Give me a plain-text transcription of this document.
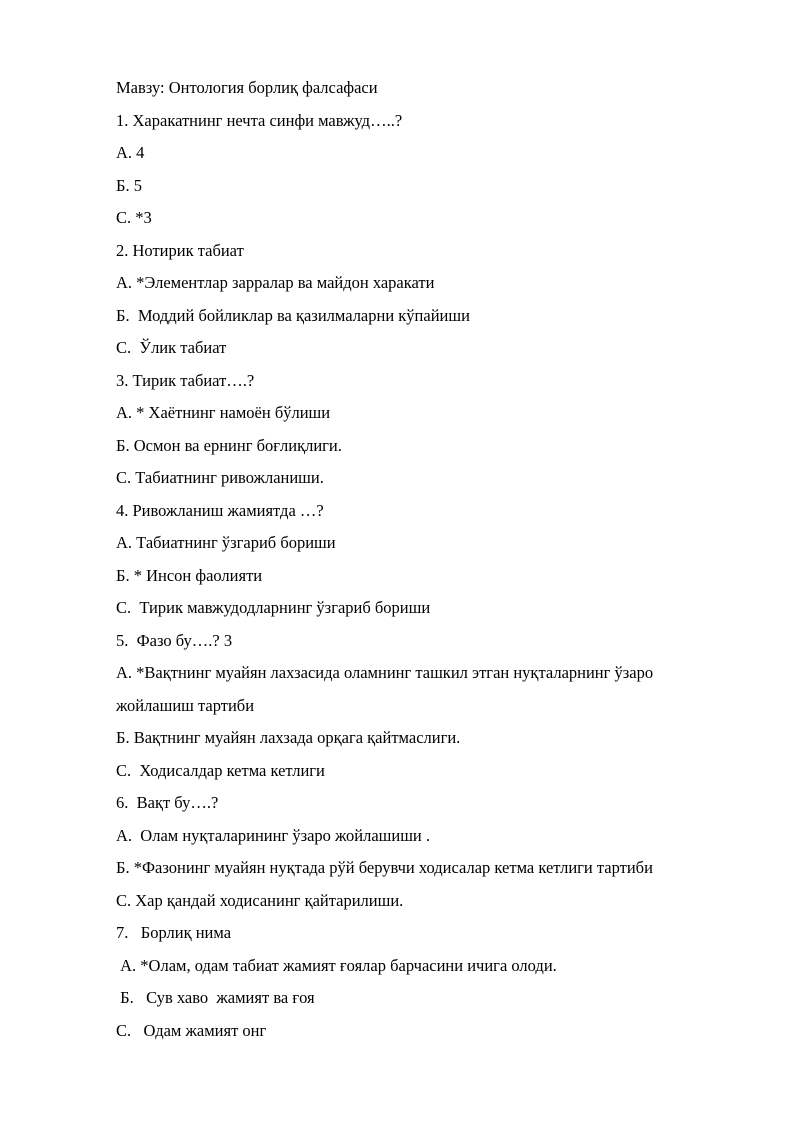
Мавзу: Онтология борлиқ фалсафаси

1. Харакатнинг нечта синфи мавжуд…..?

А. 4

Б. 5

С. *3

2. Нотирик табиат

А. *Элементлар зарралар ва майдон харакати

Б.  Моддий бойликлар ва қазилмаларни кўпайиши

С.  Ўлик табиат

3. Тирик табиат….?

А. * Хаётнинг намоён бўлиши

Б. Осмон ва ернинг боғлиқлиги.

С. Табиатнинг ривожланиши.

4. Ривожланиш жамиятда …?

А. Табиатнинг ўзгариб бориши

Б. * Инсон фаолияти

С.  Тирик мавжудодларнинг ўзгариб бориши

5.  Фазо бу….? 3

А. *Вақтнинг муайян лахзасида оламнинг ташкил этган нуқталарнинг ўзаро

жойлашиш тартиби

Б. Вақтнинг муайян лахзада орқага қайтмаслиги.

С.  Ходисалдар кетма кетлиги

6.  Вақт бу….?

А.  Олам нуқталарининг ўзаро жойлашиши .

Б. *Фазонинг муайян нуқтада рўй берувчи ходисалар кетма кетлиги тартиби

С. Хар қандай ходисанинг қайтарилиши.

7.   Борлиқ нима

А. *Олам, одам табиат жамият ғоялар барчасини ичига олоди.

Б.   Сув хаво  жамият ва ғоя

С.   Одам жамият онг
